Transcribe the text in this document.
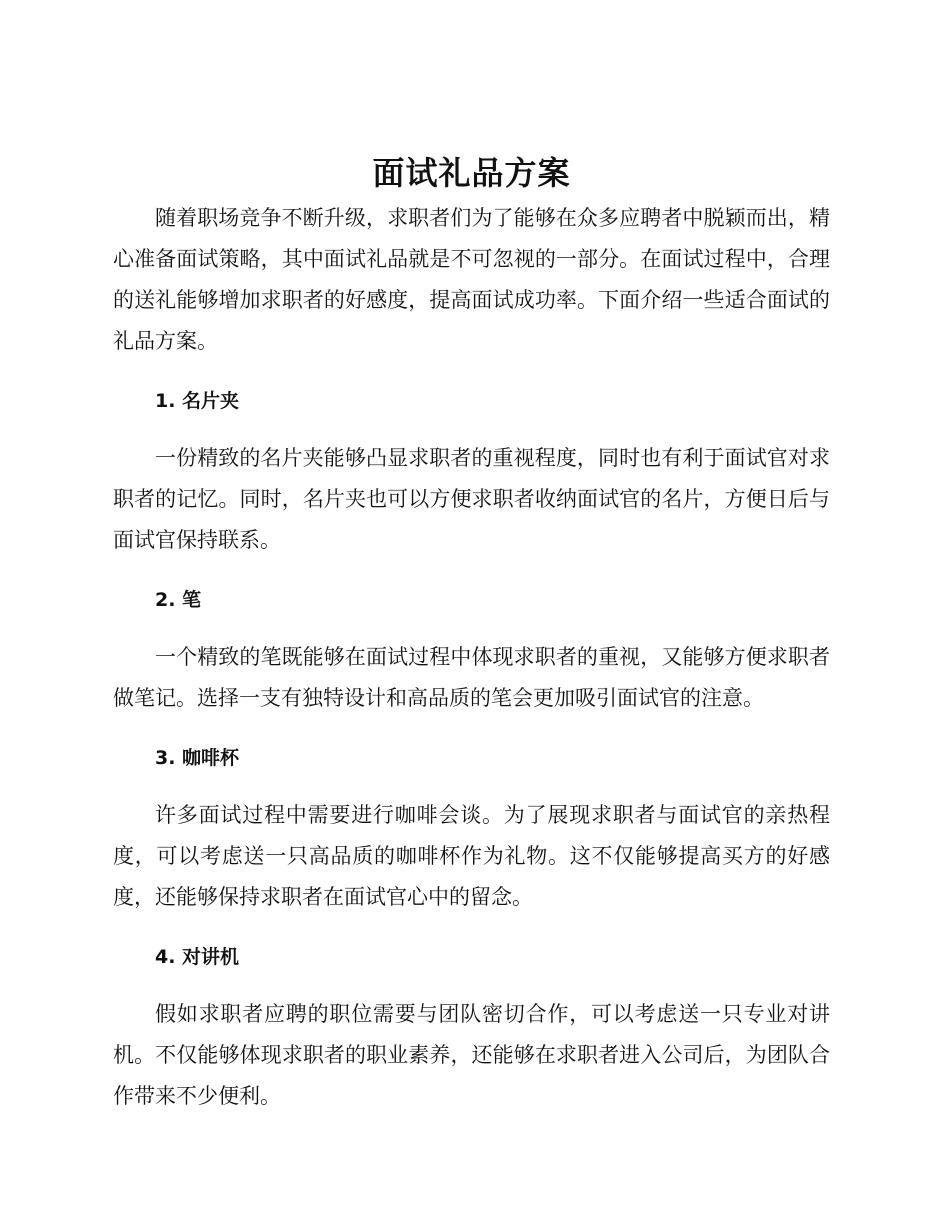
面试礼品方案

随着职场竞争不断升级，求职者们为了能够在众多应聘者中脱颖而出，精心准备面试策略，其中面试礼品就是不可忽视的一部分。在面试过程中，合理的送礼能够增加求职者的好感度，提高面试成功率。下面介绍一些适合面试的礼品方案。

1. 名片夹

一份精致的名片夹能够凸显求职者的重视程度，同时也有利于面试官对求职者的记忆。同时，名片夹也可以方便求职者收纳面试官的名片，方便日后与面试官保持联系。

2. 笔

一个精致的笔既能够在面试过程中体现求职者的重视，又能够方便求职者做笔记。选择一支有独特设计和高品质的笔会更加吸引面试官的注意。

3. 咖啡杯

许多面试过程中需要进行咖啡会谈。为了展现求职者与面试官的亲热程度，可以考虑送一只高品质的咖啡杯作为礼物。这不仅能够提高买方的好感度，还能够保持求职者在面试官心中的留念。

4. 对讲机

假如求职者应聘的职位需要与团队密切合作，可以考虑送一只专业对讲机。不仅能够体现求职者的职业素养，还能够在求职者进入公司后，为团队合作带来不少便利。
